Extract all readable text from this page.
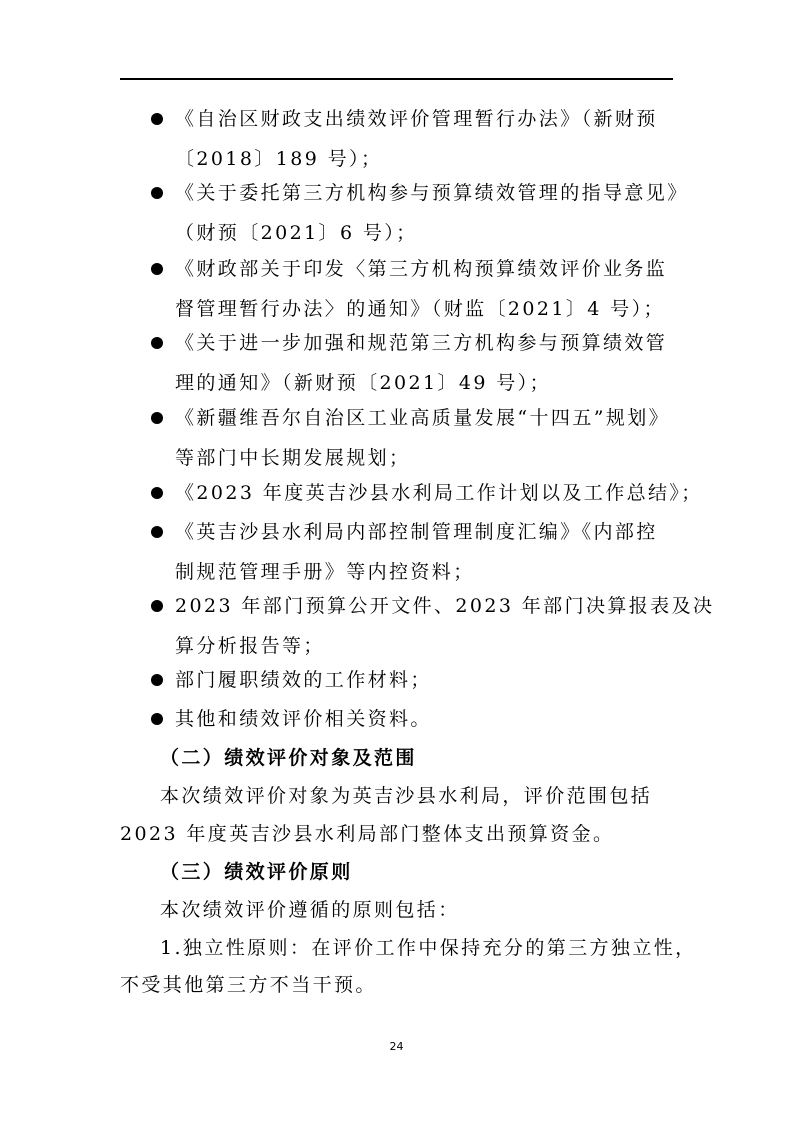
《自治区财政支出绩效评价管理暂行办法》（新财预
〔2018〕189 号）；
《关于委托第三方机构参与预算绩效管理的指导意见》
（财预〔2021〕6 号）；
《财政部关于印发〈第三方机构预算绩效评价业务监
督管理暂行办法〉的通知》（财监〔2021〕4 号）；
《关于进一步加强和规范第三方机构参与预算绩效管
理的通知》（新财预〔2021〕49 号）；
《新疆维吾尔自治区工业高质量发展“十四五”规划》
等部门中长期发展规划；
《2023 年度英吉沙县水利局工作计划以及工作总结》；
《英吉沙县水利局内部控制管理制度汇编》《内部控
制规范管理手册》等内控资料；
2023 年部门预算公开文件、2023 年部门决算报表及决
算分析报告等；
部门履职绩效的工作材料；
其他和绩效评价相关资料。
（二）绩效评价对象及范围
本次绩效评价对象为英吉沙县水利局，评价范围包括
2023 年度英吉沙县水利局部门整体支出预算资金。
（三）绩效评价原则
本次绩效评价遵循的原则包括：
1.独立性原则：在评价工作中保持充分的第三方独立性，
不受其他第三方不当干预。
24
